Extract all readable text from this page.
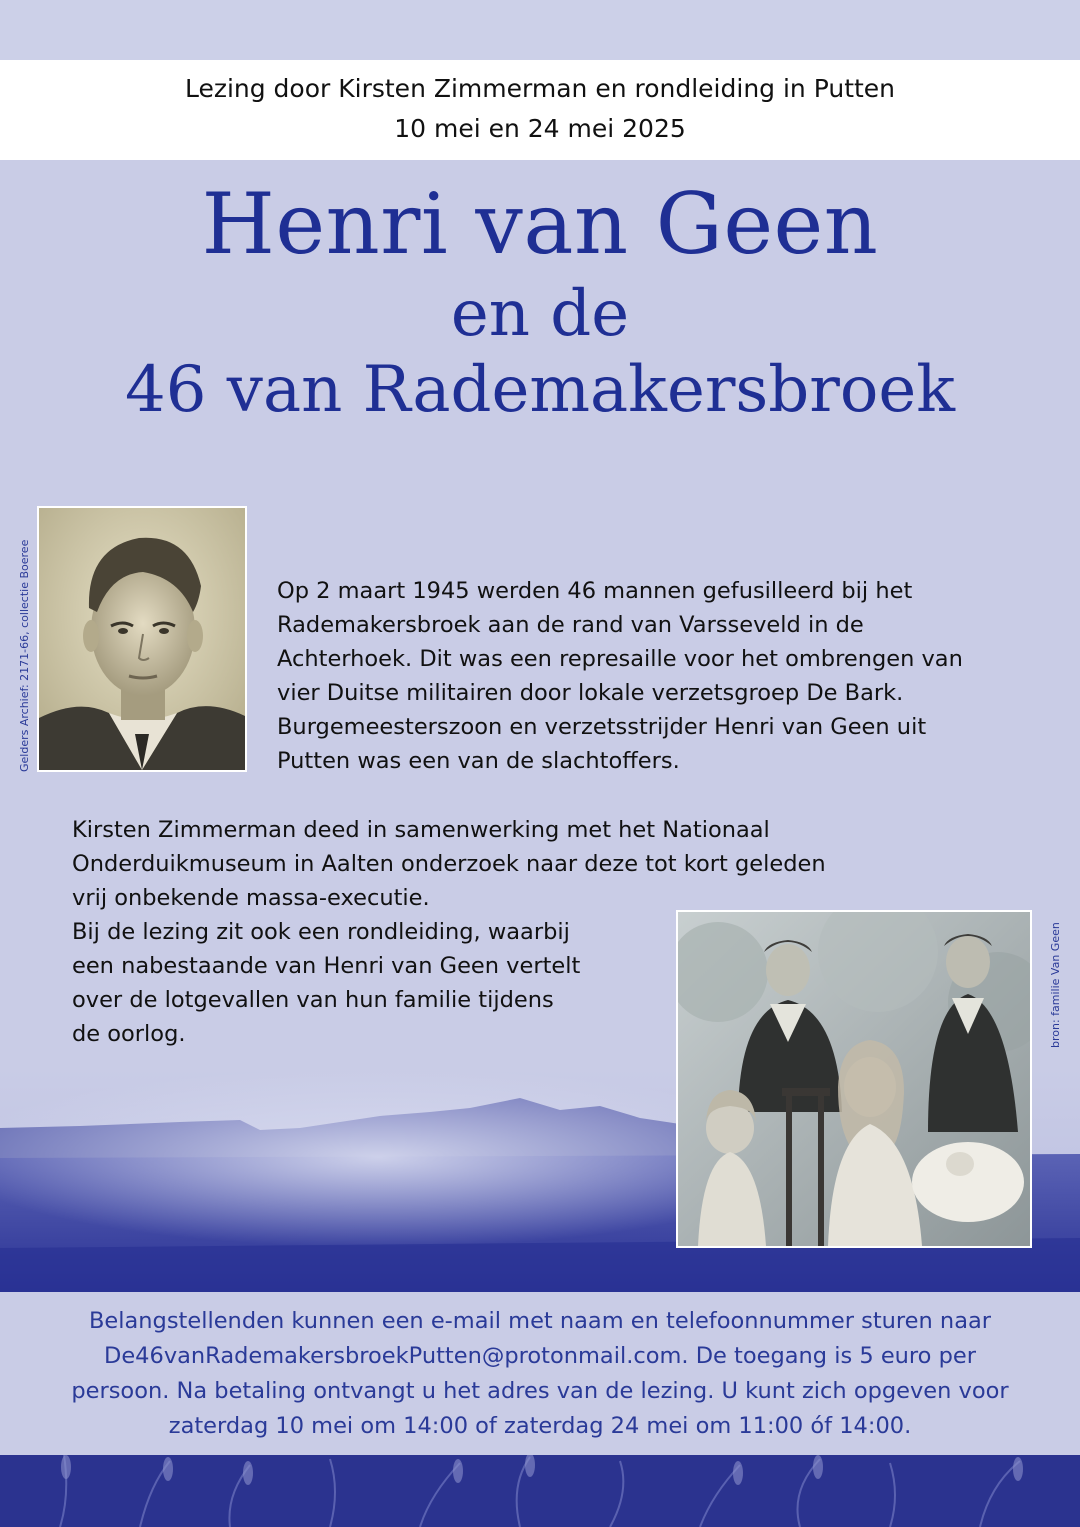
Lezing door Kirsten Zimmerman en rondleiding in Putten

10 mei en 24 mei 2025

Henri van Geen
en de
46 van Rademakersbroek
Gelders Archief: 2171-66, collectie Boeree	Op 2 maart 1945 werden 46 mannen gefusilleerd bij het
Rademakersbroek aan de rand van Varsseveld in de
Achterhoek. Dit was een represaille voor het ombrengen van
vier Duitse militairen door lokale verzetsgroep De Bark.
Burgemeesterszoon en verzetsstrijder Henri van Geen uit
Putten was een van de slachtoffers.

Kirsten Zimmerman deed in samenwerking met het Nationaal
Onderduikmuseum in Aalten onderzoek naar deze tot kort geleden
vrij onbekende massa-executie.

Bij de lezing zit ook een rondleiding, waarbij
een nabestaande van Henri van Geen vertelt
over de lotgevallen van hun familie tijdens
de oorlog.	bron: familie Van Geen

Belangstellenden kunnen een e-mail met naam en telefoonnummer sturen naar
De46vanRademakersbroekPutten@protonmail.com. De toegang is 5 euro per
persoon. Na betaling ontvangt u het adres van de lezing. U kunt zich opgeven voor
zaterdag 10 mei om 14:00 of zaterdag 24 mei om 11:00 óf 14:00.
